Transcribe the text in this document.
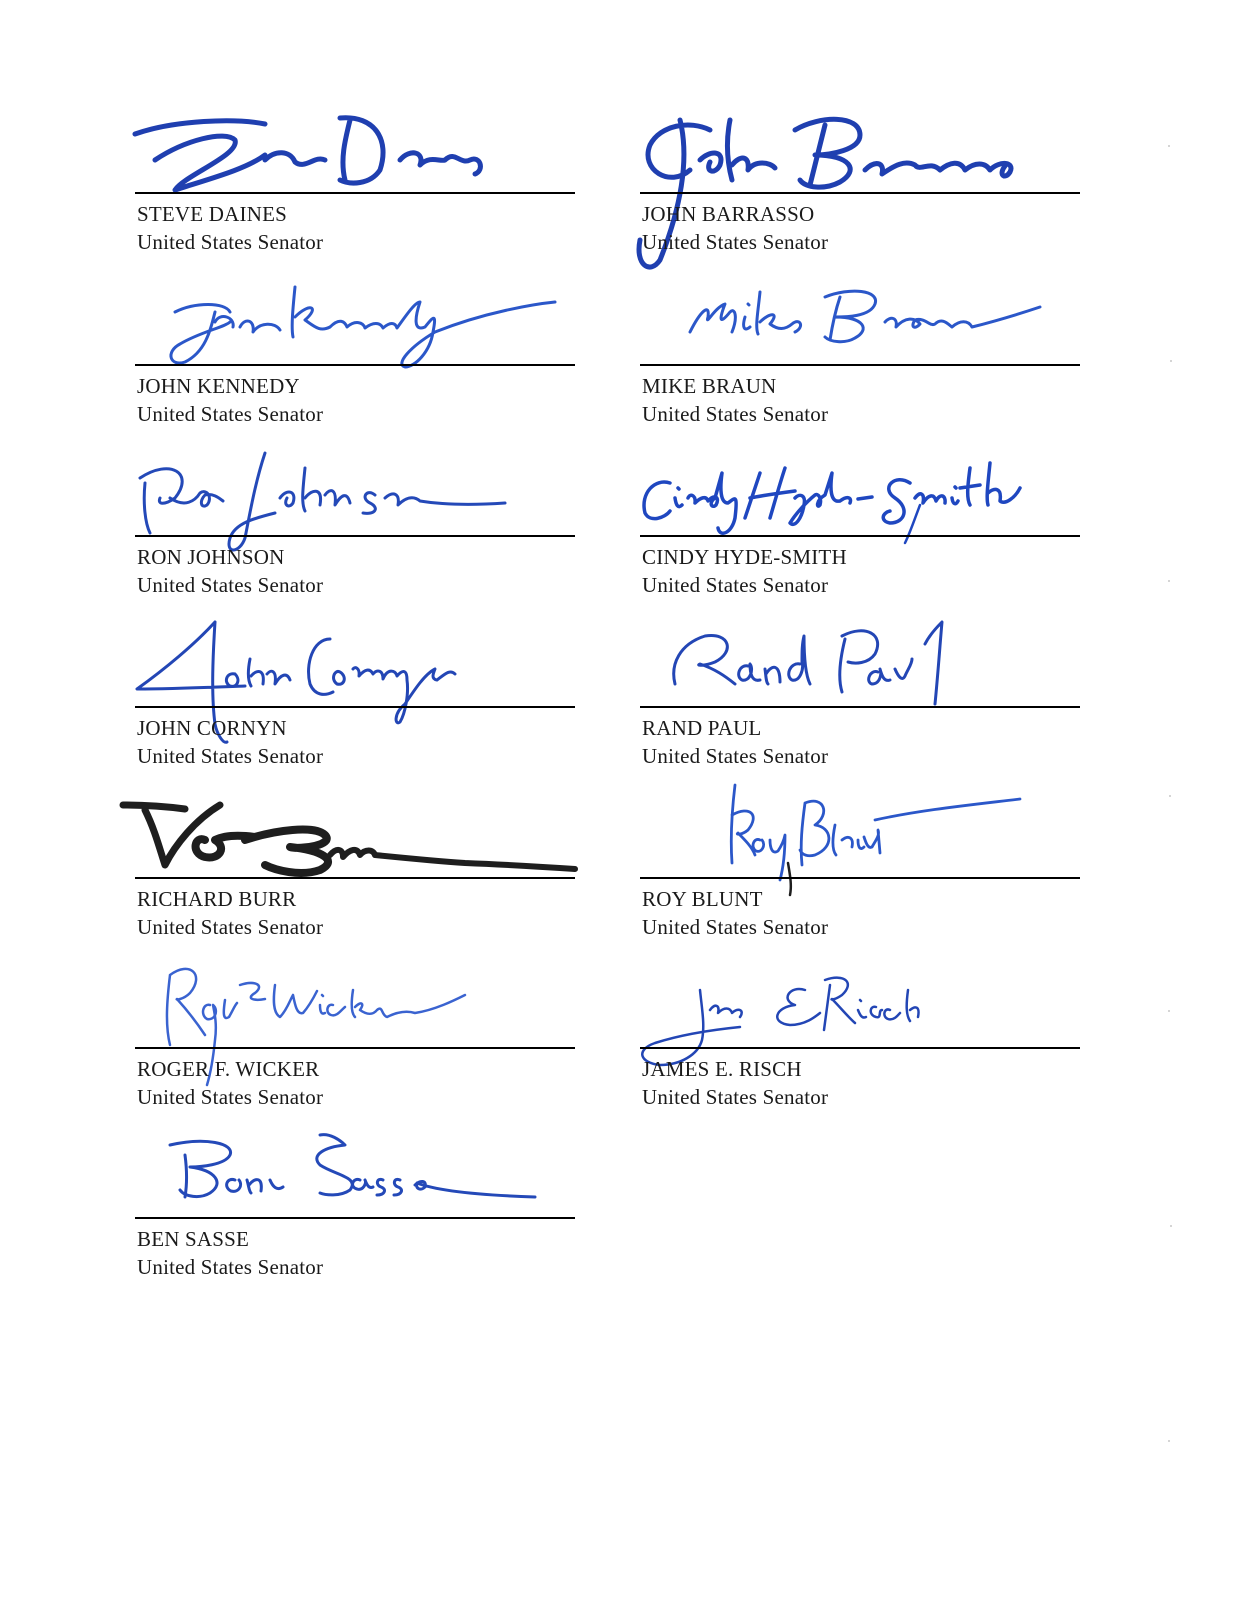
STEVE DAINES
United States Senator
JOHN BARRASSO
United States Senator
JOHN KENNEDY
United States Senator
MIKE BRAUN
United States Senator
RON JOHNSON
United States Senator
CINDY HYDE-SMITH
United States Senator
JOHN CORNYN
United States Senator
RAND PAUL
United States Senator
RICHARD BURR
United States Senator
ROY BLUNT
United States Senator
ROGER F. WICKER
United States Senator
JAMES E. RISCH
United States Senator
BEN SASSE
United States Senator
